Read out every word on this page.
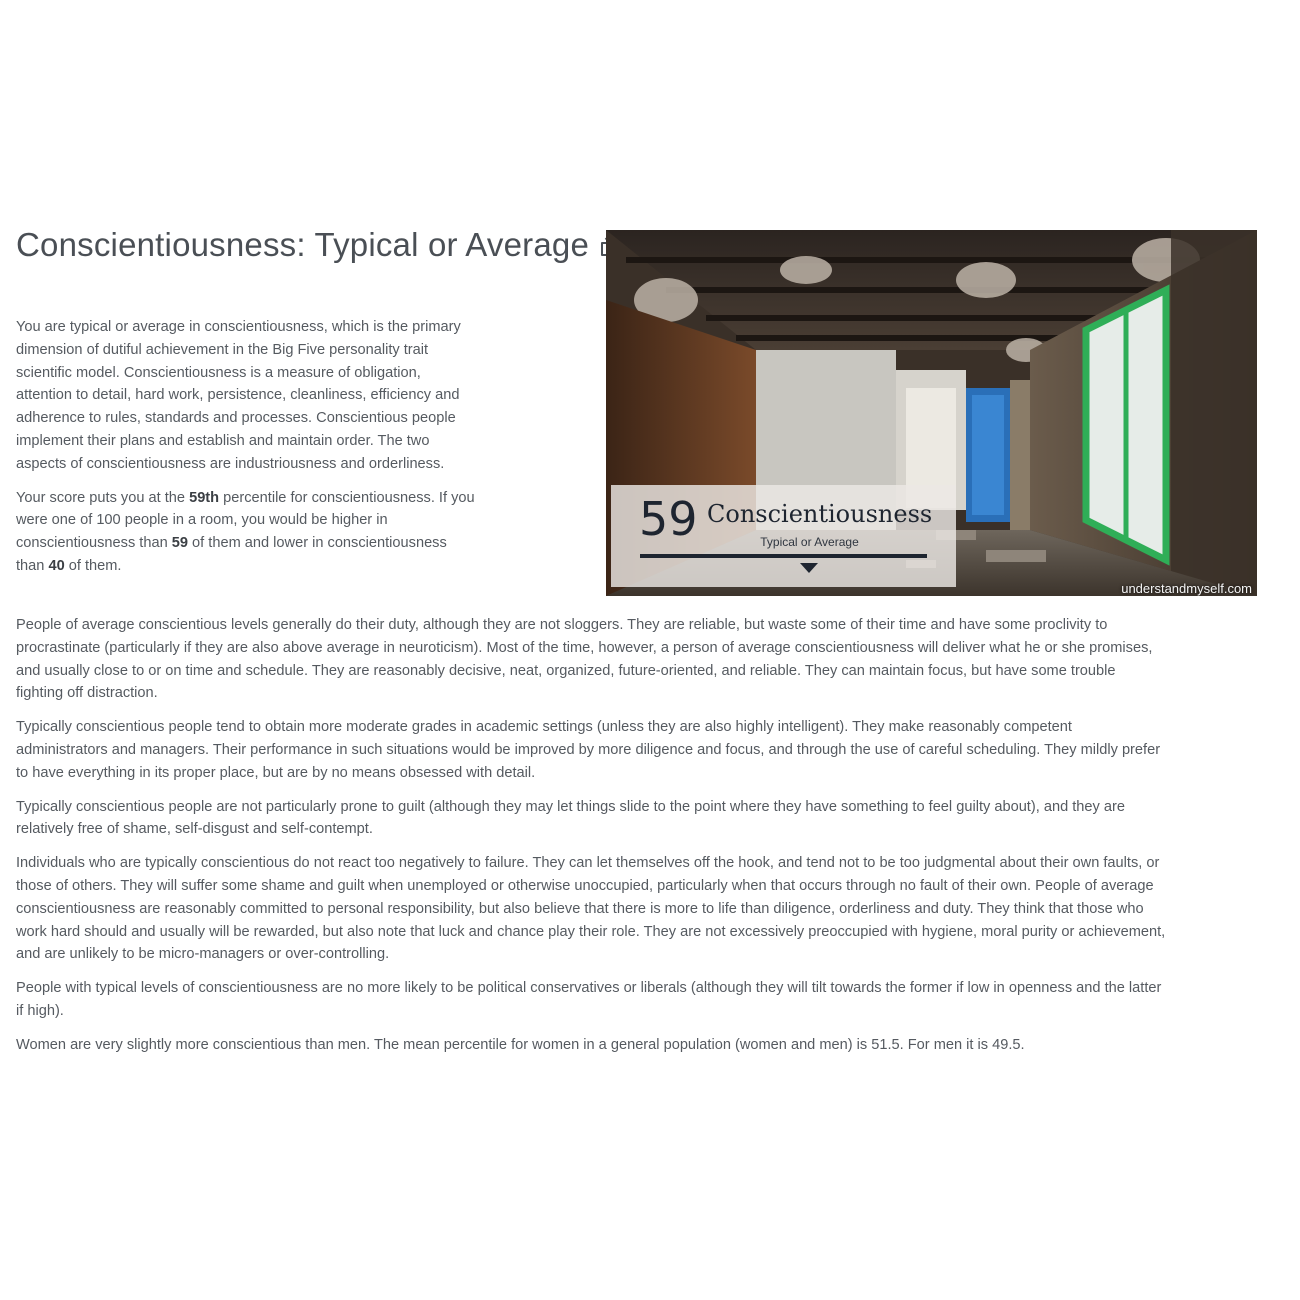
Conscientiousness: Typical or Average

You are typical or average in conscientiousness, which is the primary dimension of dutiful achievement in the Big Five personality trait scientific model. Conscientiousness is a measure of obligation, attention to detail, hard work, persistence, cleanliness, efficiency and adherence to rules, standards and processes. Conscientious people implement their plans and establish and maintain order. The two aspects of conscientiousness are industriousness and orderliness.

Your score puts you at the 59th percentile for conscientiousness. If you were one of 100 people in a room, you would be higher in conscientiousness than 59 of them and lower in conscientiousness than 40 of them.

59 Conscientiousness
Typical or Average
understandmyself.com

People of average conscientious levels generally do their duty, although they are not sloggers. They are reliable, but waste some of their time and have some proclivity to procrastinate (particularly if they are also above average in neuroticism). Most of the time, however, a person of average conscientiousness will deliver what he or she promises, and usually close to or on time and schedule. They are reasonably decisive, neat, organized, future-oriented, and reliable. They can maintain focus, but have some trouble fighting off distraction.

Typically conscientious people tend to obtain more moderate grades in academic settings (unless they are also highly intelligent). They make reasonably competent administrators and managers. Their performance in such situations would be improved by more diligence and focus, and through the use of careful scheduling. They mildly prefer to have everything in its proper place, but are by no means obsessed with detail.

Typically conscientious people are not particularly prone to guilt (although they may let things slide to the point where they have something to feel guilty about), and they are relatively free of shame, self-disgust and self-contempt.

Individuals who are typically conscientious do not react too negatively to failure. They can let themselves off the hook, and tend not to be too judgmental about their own faults, or those of others. They will suffer some shame and guilt when unemployed or otherwise unoccupied, particularly when that occurs through no fault of their own. People of average conscientiousness are reasonably committed to personal responsibility, but also believe that there is more to life than diligence, orderliness and duty. They think that those who work hard should and usually will be rewarded, but also note that luck and chance play their role. They are not excessively preoccupied with hygiene, moral purity or achievement, and are unlikely to be micro-managers or over-controlling.

People with typical levels of conscientiousness are no more likely to be political conservatives or liberals (although they will tilt towards the former if low in openness and the latter if high).

Women are very slightly more conscientious than men. The mean percentile for women in a general population (women and men) is 51.5. For men it is 49.5.
